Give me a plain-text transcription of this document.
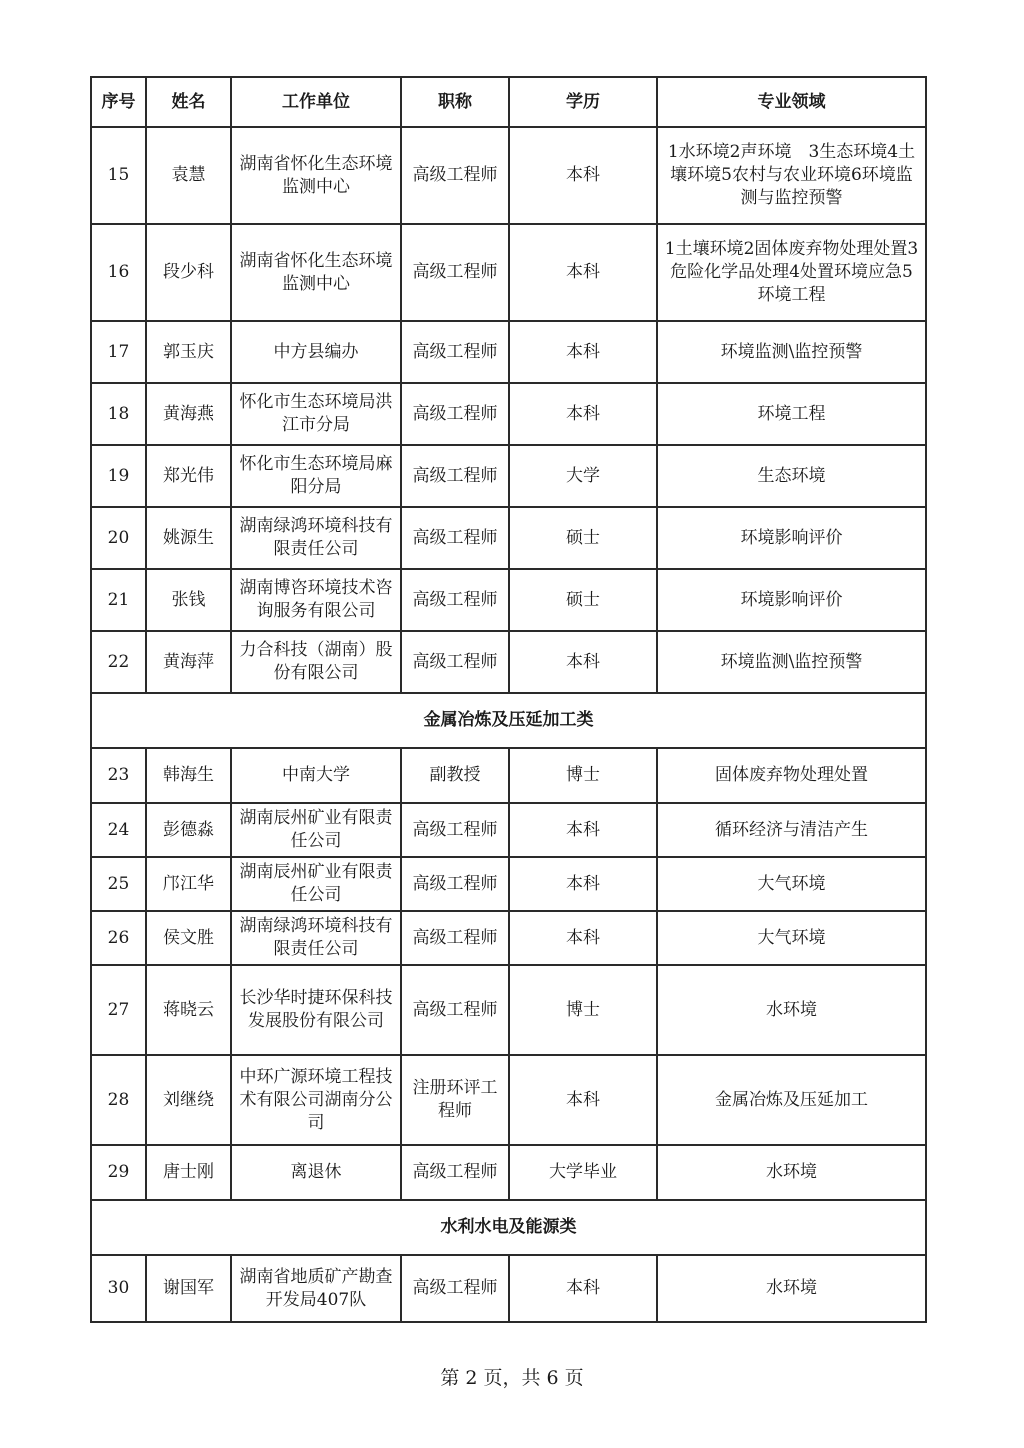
序号	姓名	工作单位	职称	学历	专业领域
15	袁慧	湖南省怀化生态环境监测中心	高级工程师	本科	1水环境2声环境　3生态环境4土壤环境5农村与农业环境6环境监测与监控预警
16	段少科	湖南省怀化生态环境监测中心	高级工程师	本科	1土壤环境2固体废弃物处理处置3危险化学品处理4处置环境应急5环境工程
17	郭玉庆	中方县编办	高级工程师	本科	环境监测\监控预警
18	黄海燕	怀化市生态环境局洪江市分局	高级工程师	本科	环境工程
19	郑光伟	怀化市生态环境局麻阳分局	高级工程师	大学	生态环境
20	姚源生	湖南绿鸿环境科技有限责任公司	高级工程师	硕士	环境影响评价
21	张钱	湖南博咨环境技术咨询服务有限公司	高级工程师	硕士	环境影响评价
22	黄海萍	力合科技（湖南）股份有限公司	高级工程师	本科	环境监测\监控预警
金属冶炼及压延加工类					
23	韩海生	中南大学	副教授	博士	固体废弃物处理处置
24	彭德淼	湖南辰州矿业有限责任公司	高级工程师	本科	循环经济与清洁产生
25	邝江华	湖南辰州矿业有限责任公司	高级工程师	本科	大气环境
26	侯文胜	湖南绿鸿环境科技有限责任公司	高级工程师	本科	大气环境
27	蒋晓云	长沙华时捷环保科技发展股份有限公司	高级工程师	博士	水环境
28	刘继绕	中环广源环境工程技术有限公司湖南分公司	注册环评工程师	本科	金属冶炼及压延加工
29	唐士刚	离退休	高级工程师	大学毕业	水环境
水利水电及能源类					
30	谢国军	湖南省地质矿产勘查开发局407队	高级工程师	本科	水环境
第 2 页，共 6 页
